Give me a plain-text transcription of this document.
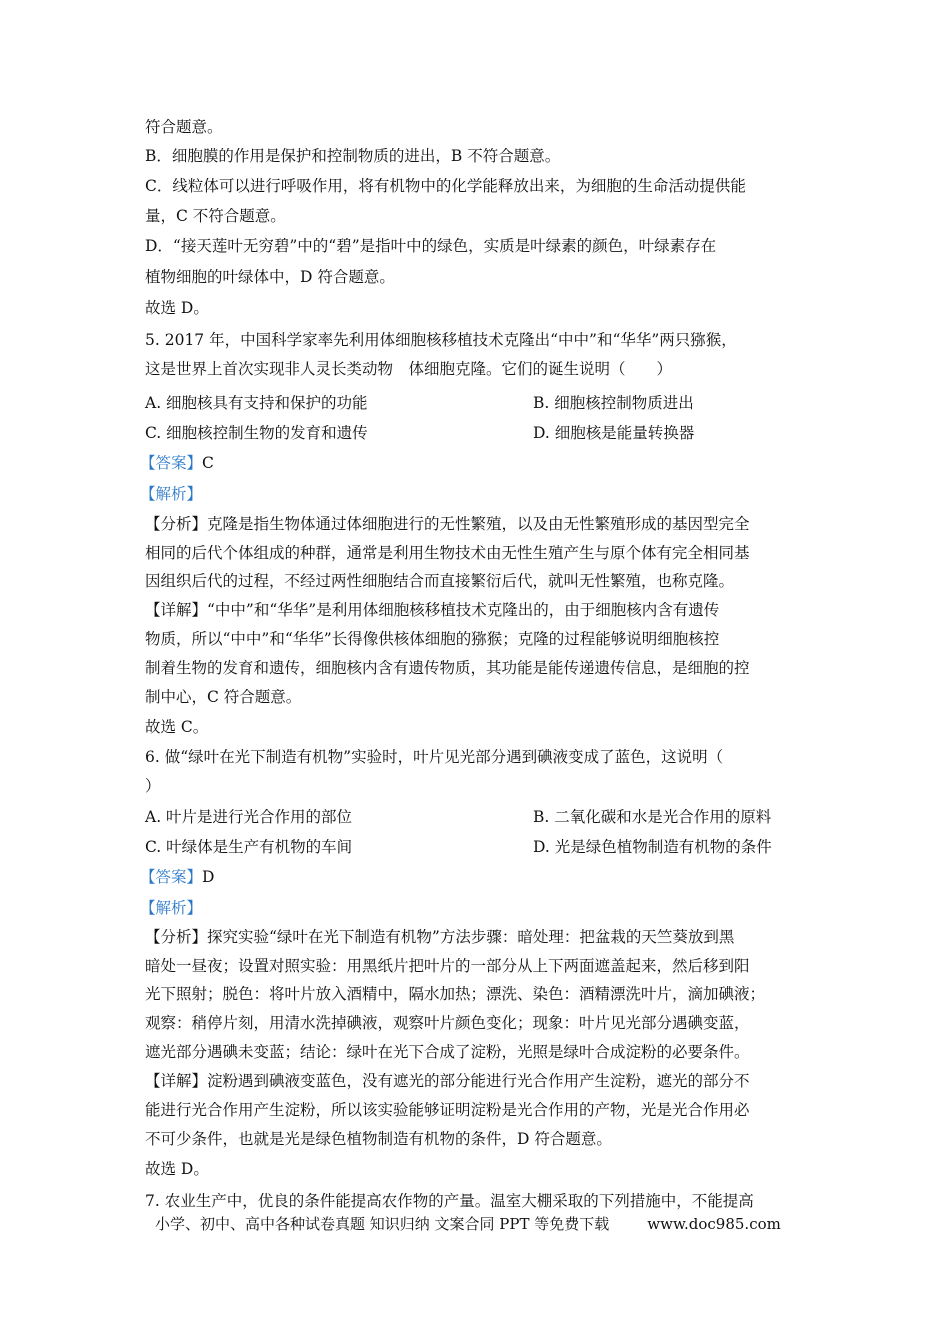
符合题意。
B．细胞膜的作用是保护和控制物质的进出，B 不符合题意。
C．线粒体可以进行呼吸作用，将有机物中的化学能释放出来，为细胞的生命活动提供能
量，C 不符合题意。
D．“接天莲叶无穷碧”中的“碧”是指叶中的绿色，实质是叶绿素的颜色，叶绿素存在
植物细胞的叶绿体中，D 符合题意。
故选 D。
5. 2017 年，中国科学家率先利用体细胞核移植技术克隆出“中中”和“华华”两只猕猴，
这是世界上首次实现非人灵长类动物　体细胞克隆。它们的诞生说明（　　）
A. 细胞核具有支持和保护的功能	B. 细胞核控制物质进出
C. 细胞核控制生物的发育和遗传	D. 细胞核是能量转换器
【答案】C
【解析】
【分析】克隆是指生物体通过体细胞进行的无性繁殖，以及由无性繁殖形成的基因型完全
相同的后代个体组成的种群，通常是利用生物技术由无性生殖产生与原个体有完全相同基
因组织后代的过程，不经过两性细胞结合而直接繁衍后代，就叫无性繁殖，也称克隆。
【详解】“中中”和“华华”是利用体细胞核移植技术克隆出的，由于细胞核内含有遗传
物质，所以“中中”和“华华”长得像供核体细胞的猕猴；克隆的过程能够说明细胞核控
制着生物的发育和遗传，细胞核内含有遗传物质，其功能是能传递遗传信息，是细胞的控
制中心，C 符合题意。
故选 C。
6. 做“绿叶在光下制造有机物”实验时，叶片见光部分遇到碘液变成了蓝色，这说明（
）
A. 叶片是进行光合作用的部位	B. 二氧化碳和水是光合作用的原料
C. 叶绿体是生产有机物的车间	D. 光是绿色植物制造有机物的条件
【答案】D
【解析】
【分析】探究实验“绿叶在光下制造有机物”方法步骤：暗处理：把盆栽的天竺葵放到黑
暗处一昼夜；设置对照实验：用黑纸片把叶片的一部分从上下两面遮盖起来，然后移到阳
光下照射；脱色：将叶片放入酒精中，隔水加热；漂洗、染色：酒精漂洗叶片，滴加碘液；
观察：稍停片刻，用清水洗掉碘液，观察叶片颜色变化；现象：叶片见光部分遇碘变蓝，
遮光部分遇碘未变蓝；结论：绿叶在光下合成了淀粉，光照是绿叶合成淀粉的必要条件。
【详解】淀粉遇到碘液变蓝色，没有遮光的部分能进行光合作用产生淀粉，遮光的部分不
能进行光合作用产生淀粉，所以该实验能够证明淀粉是光合作用的产物，光是光合作用必
不可少条件，也就是光是绿色植物制造有机物的条件，D 符合题意。
故选 D。
7. 农业生产中，优良的条件能提高农作物的产量。温室大棚采取的下列措施中，不能提高
小学、初中、高中各种试卷真题 知识归纳 文案合同 PPT 等免费下载	www.doc985.com
